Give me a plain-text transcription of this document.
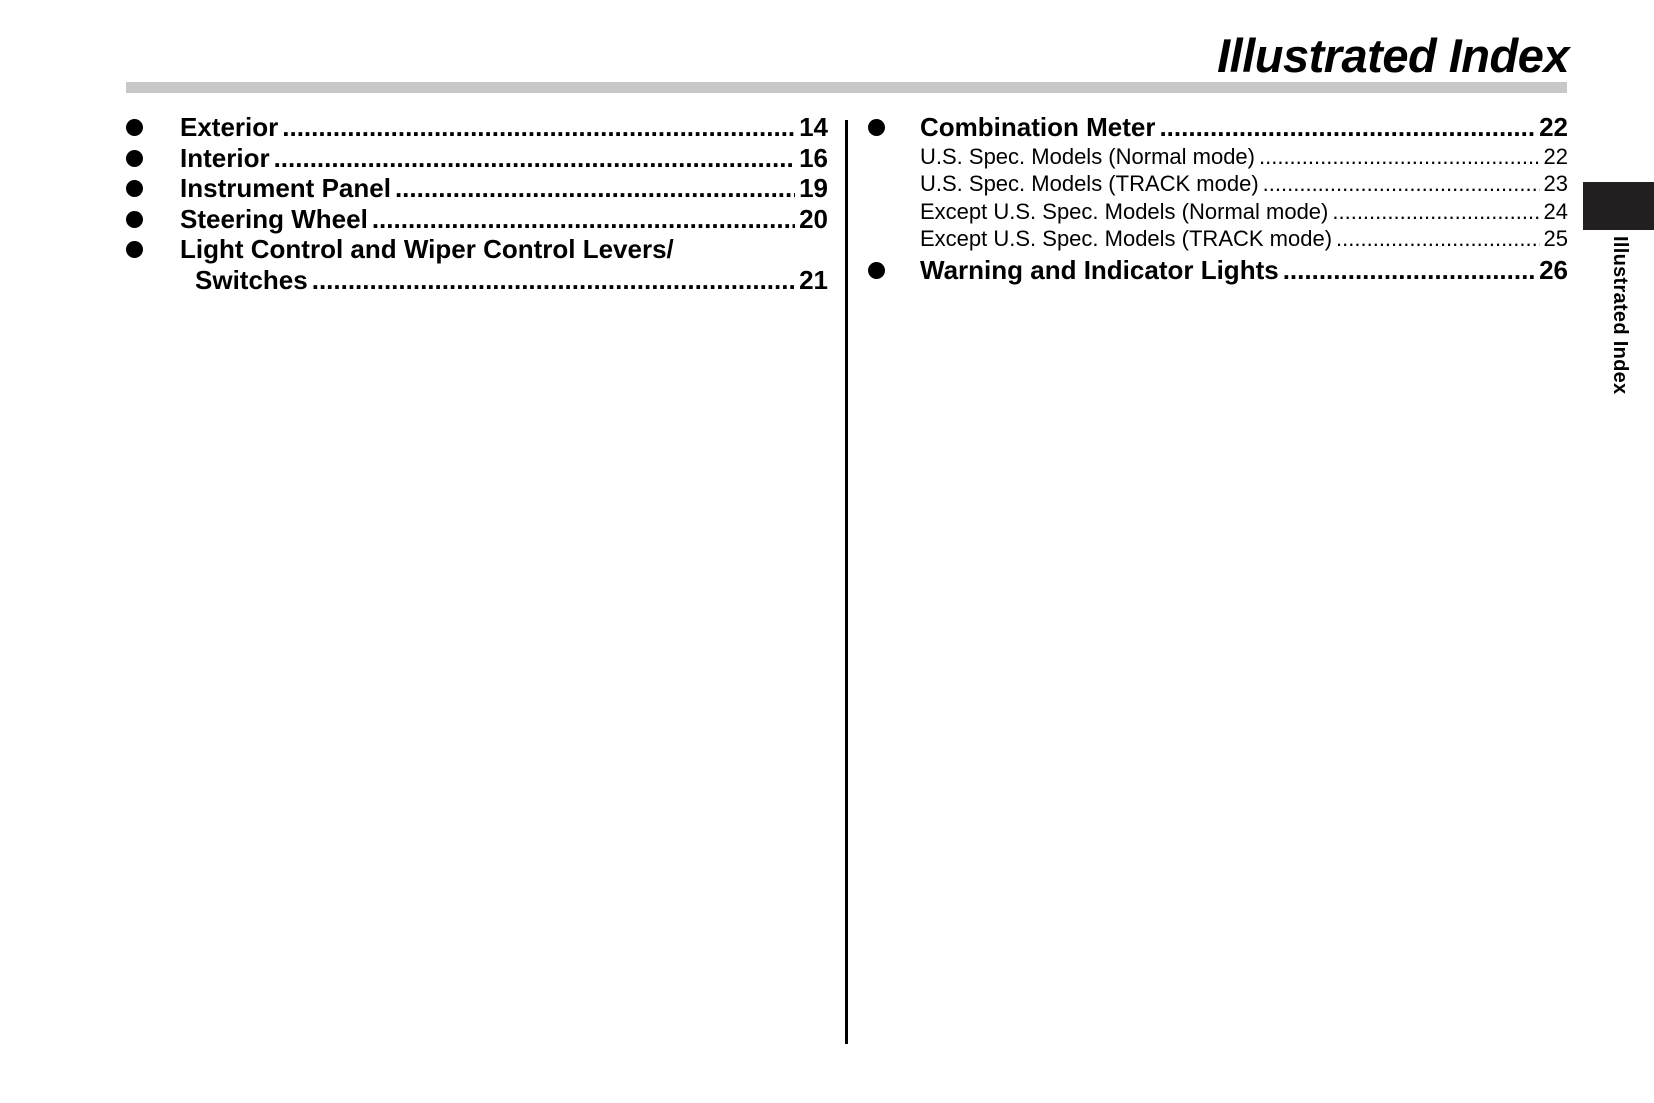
Illustrated Index
Illustrated Index
Exterior .....	14
Interior .....	16
Instrument Panel .....	19
Steering Wheel .....	20
Light Control and Wiper Control Levers/
Switches .....	21
Combination Meter .....	22
U.S. Spec. Models (Normal mode) .....	22
U.S. Spec. Models (TRACK mode) .....	23
Except U.S. Spec. Models (Normal mode) .....	24
Except U.S. Spec. Models (TRACK mode) .....	25
Warning and Indicator Lights .....	26
